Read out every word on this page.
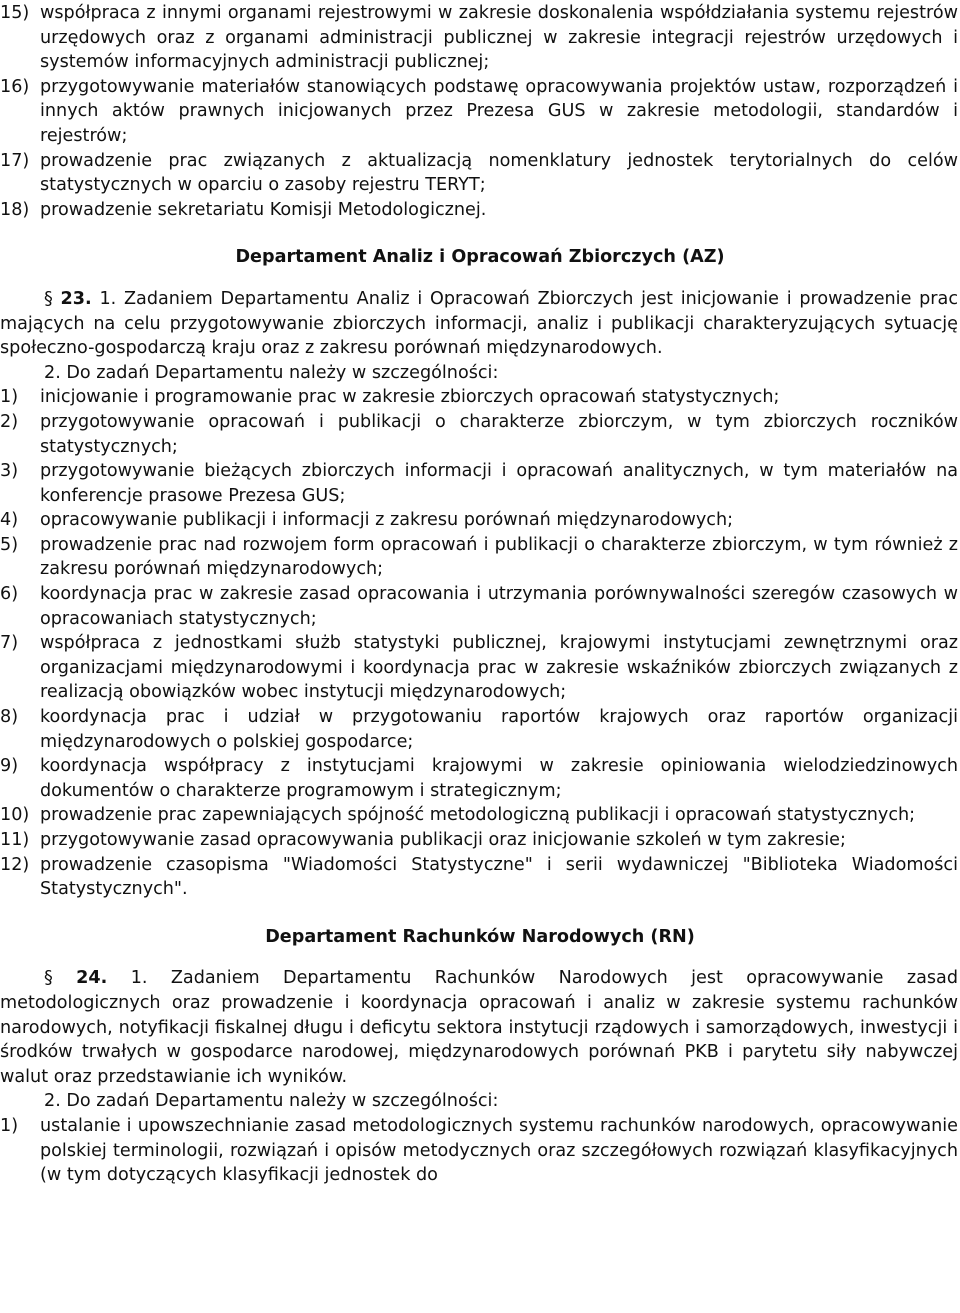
15) współpraca z innymi organami rejestrowymi w zakresie doskonalenia współdziałania systemu rejestrów urzędowych oraz z organami administracji publicznej w zakresie integracji rejestrów urzędowych i systemów informacyjnych administracji publicznej;
16) przygotowywanie materiałów stanowiących podstawę opracowywania projektów ustaw, rozporządzeń i innych aktów prawnych inicjowanych przez Prezesa GUS w zakresie metodologii, standardów i rejestrów;
17) prowadzenie prac związanych z aktualizacją nomenklatury jednostek terytorialnych do celów statystycznych w oparciu o zasoby rejestru TERYT;
18) prowadzenie sekretariatu Komisji Metodologicznej.
Departament Analiz i Opracowań Zbiorczych (AZ)

§ 23. 1. Zadaniem Departamentu Analiz i Opracowań Zbiorczych jest inicjowanie i prowadzenie prac mających na celu przygotowywanie zbiorczych informacji, analiz i publikacji charakteryzujących sytuację społeczno-gospodarczą kraju oraz z zakresu porównań międzynarodowych.

2. Do zadań Departamentu należy w szczególności:

1)	inicjowanie i programowanie prac w zakresie zbiorczych opracowań statystycznych;
2)	przygotowywanie opracowań i publikacji o charakterze zbiorczym, w tym zbiorczych roczników statystycznych;
3)	przygotowywanie bieżących zbiorczych informacji i opracowań analitycznych, w tym materiałów na konferencje prasowe Prezesa GUS;
4)	opracowywanie publikacji i informacji z zakresu porównań międzynarodowych;
5)	prowadzenie prac nad rozwojem form opracowań i publikacji o charakterze zbiorczym, w tym również z zakresu porównań międzynarodowych;
6)	koordynacja prac w zakresie zasad opracowania i utrzymania porównywalności szeregów czasowych w opracowaniach statystycznych;
7)	współpraca z jednostkami służb statystyki publicznej, krajowymi instytucjami zewnętrznymi oraz organizacjami międzynarodowymi i koordynacja prac w zakresie wskaźników zbiorczych związanych z realizacją obowiązków wobec instytucji międzynarodowych;
8)	koordynacja prac i udział w przygotowaniu raportów krajowych oraz raportów organizacji międzynarodowych o polskiej gospodarce;
9)	koordynacja współpracy z instytucjami krajowymi w zakresie opiniowania wielodziedzinowych dokumentów o charakterze programowym i strategicznym;
10) prowadzenie prac zapewniających spójność metodologiczną publikacji i opracowań statystycznych;
11) przygotowywanie zasad opracowywania publikacji oraz inicjowanie szkoleń w tym zakresie;
12) prowadzenie czasopisma "Wiadomości Statystyczne" i serii wydawniczej "Biblioteka Wiadomości Statystycznych".
Departament Rachunków Narodowych (RN)

§ 24. 1. Zadaniem Departamentu Rachunków Narodowych jest opracowywanie zasad metodologicznych oraz prowadzenie i koordynacja opracowań i analiz w zakresie systemu rachunków narodowych, notyfikacji fiskalnej długu i deficytu sektora instytucji rządowych i samorządowych, inwestycji i środków trwałych w gospodarce narodowej, międzynarodowych porównań PKB i parytetu siły nabywczej walut oraz przedstawianie ich wyników.

2. Do zadań Departamentu należy w szczególności:

1)	ustalanie i upowszechnianie zasad metodologicznych systemu rachunków narodowych, opracowywanie polskiej terminologii, rozwiązań i opisów metodycznych oraz szczegółowych rozwiązań klasyfikacyjnych (w tym dotyczących klasyfikacji jednostek do
